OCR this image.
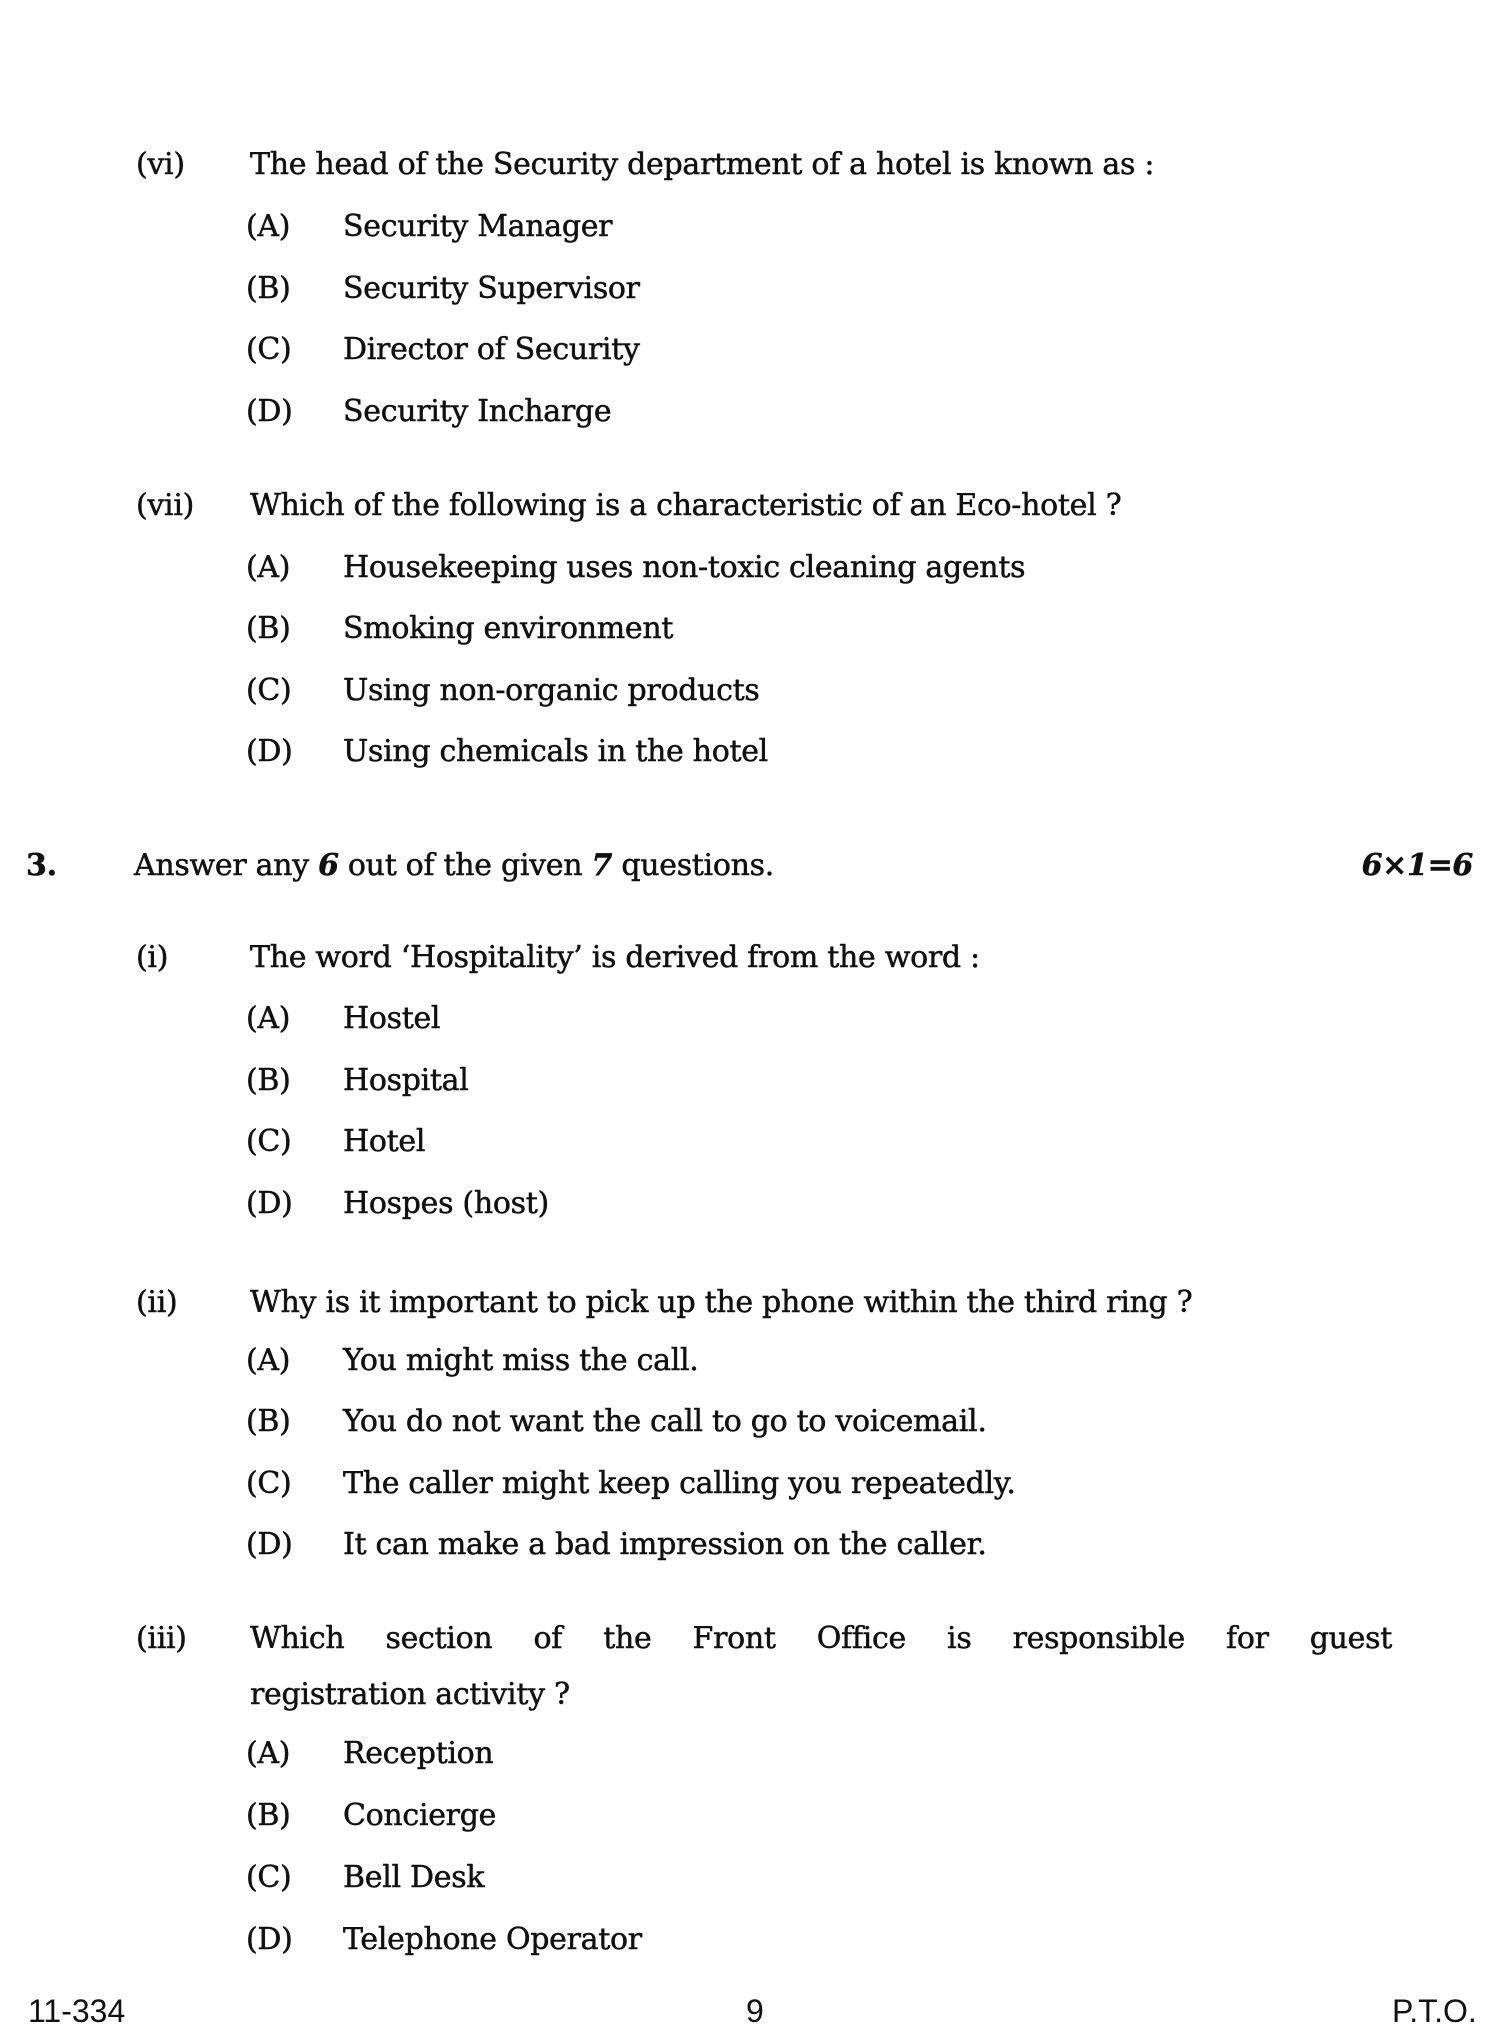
(vi) The head of the Security department of a hotel is known as :
(A) Security Manager
(B) Security Supervisor
(C) Director of Security
(D) Security Incharge
(vii) Which of the following is a characteristic of an Eco-hotel ?
(A) Housekeeping uses non-toxic cleaning agents
(B) Smoking environment
(C) Using non-organic products
(D) Using chemicals in the hotel
3.	Answer any 6 out of the given 7 questions.	6×1=6
(i)	The word ‘Hospitality’ is derived from the word :
(A) Hostel
(B) Hospital
(C) Hotel
(D) Hospes (host)
(ii) Why is it important to pick up the phone within the third ring ?
(A) You might miss the call.
(B) You do not want the call to go to voicemail.
(C) The caller might keep calling you repeatedly.
(D) It can make a bad impression on the caller.
(iii) Which section of the Front Office is responsible for guest
registration activity ?
(A) Reception
(B) Concierge
(C) Bell Desk
(D) Telephone Operator
11-334	9	P.T.O.
